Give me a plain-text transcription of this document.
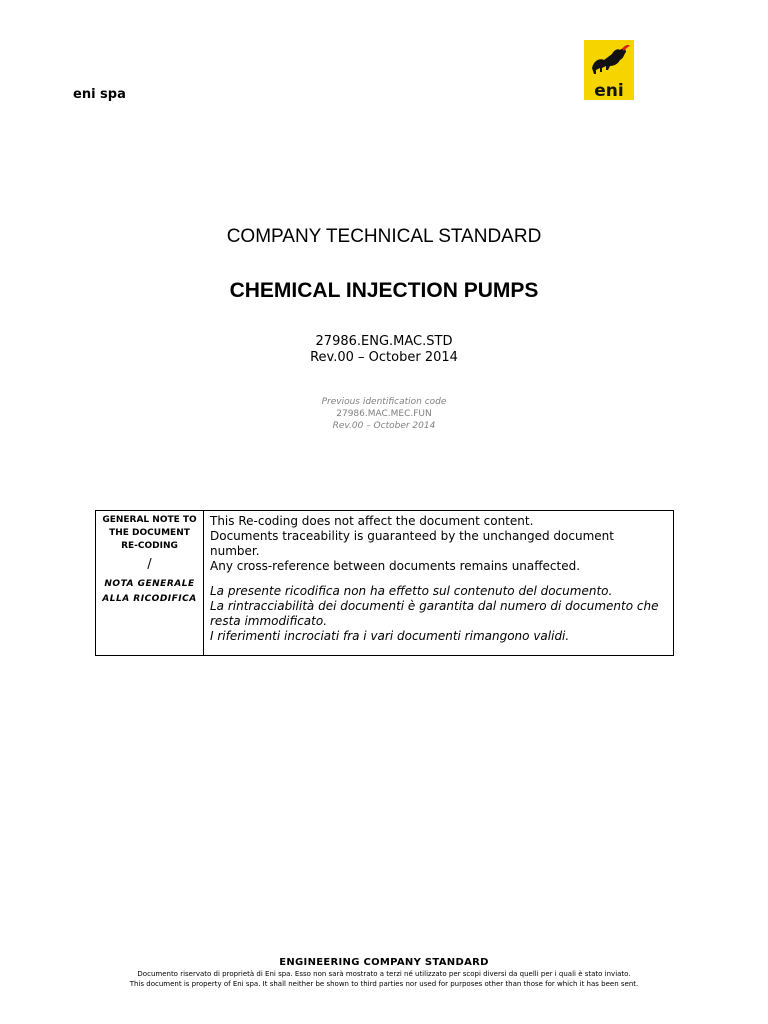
eni spa	eni
COMPANY TECHNICAL STANDARD
CHEMICAL INJECTION PUMPS
27986.ENG.MAC.STD
Rev.00 – October 2014
Previous identification code
27986.MAC.MEC.FUN
Rev.00 – October 2014
GENERAL NOTE TO THE DOCUMENT RE-CODING
/
NOTA GENERALE ALLA RICODIFICA

This Re-coding does not affect the document content.

Documents traceability is guaranteed by the unchanged document number.

Any cross-reference between documents remains unaffected.

La presente ricodifica non ha effetto sul contenuto del documento.

La rintracciabilità dei documenti è garantita dal numero di documento che resta immodificato.

I riferimenti incrociati fra i vari documenti rimangono validi.

ENGINEERING COMPANY STANDARD
Documento riservato di proprietà di Eni spa. Esso non sarà mostrato a terzi né utilizzato per scopi diversi da quelli per i quali è stato inviato.
This document is property of Eni spa. It shall neither be shown to third parties nor used for purposes other than those for which it has been sent.
